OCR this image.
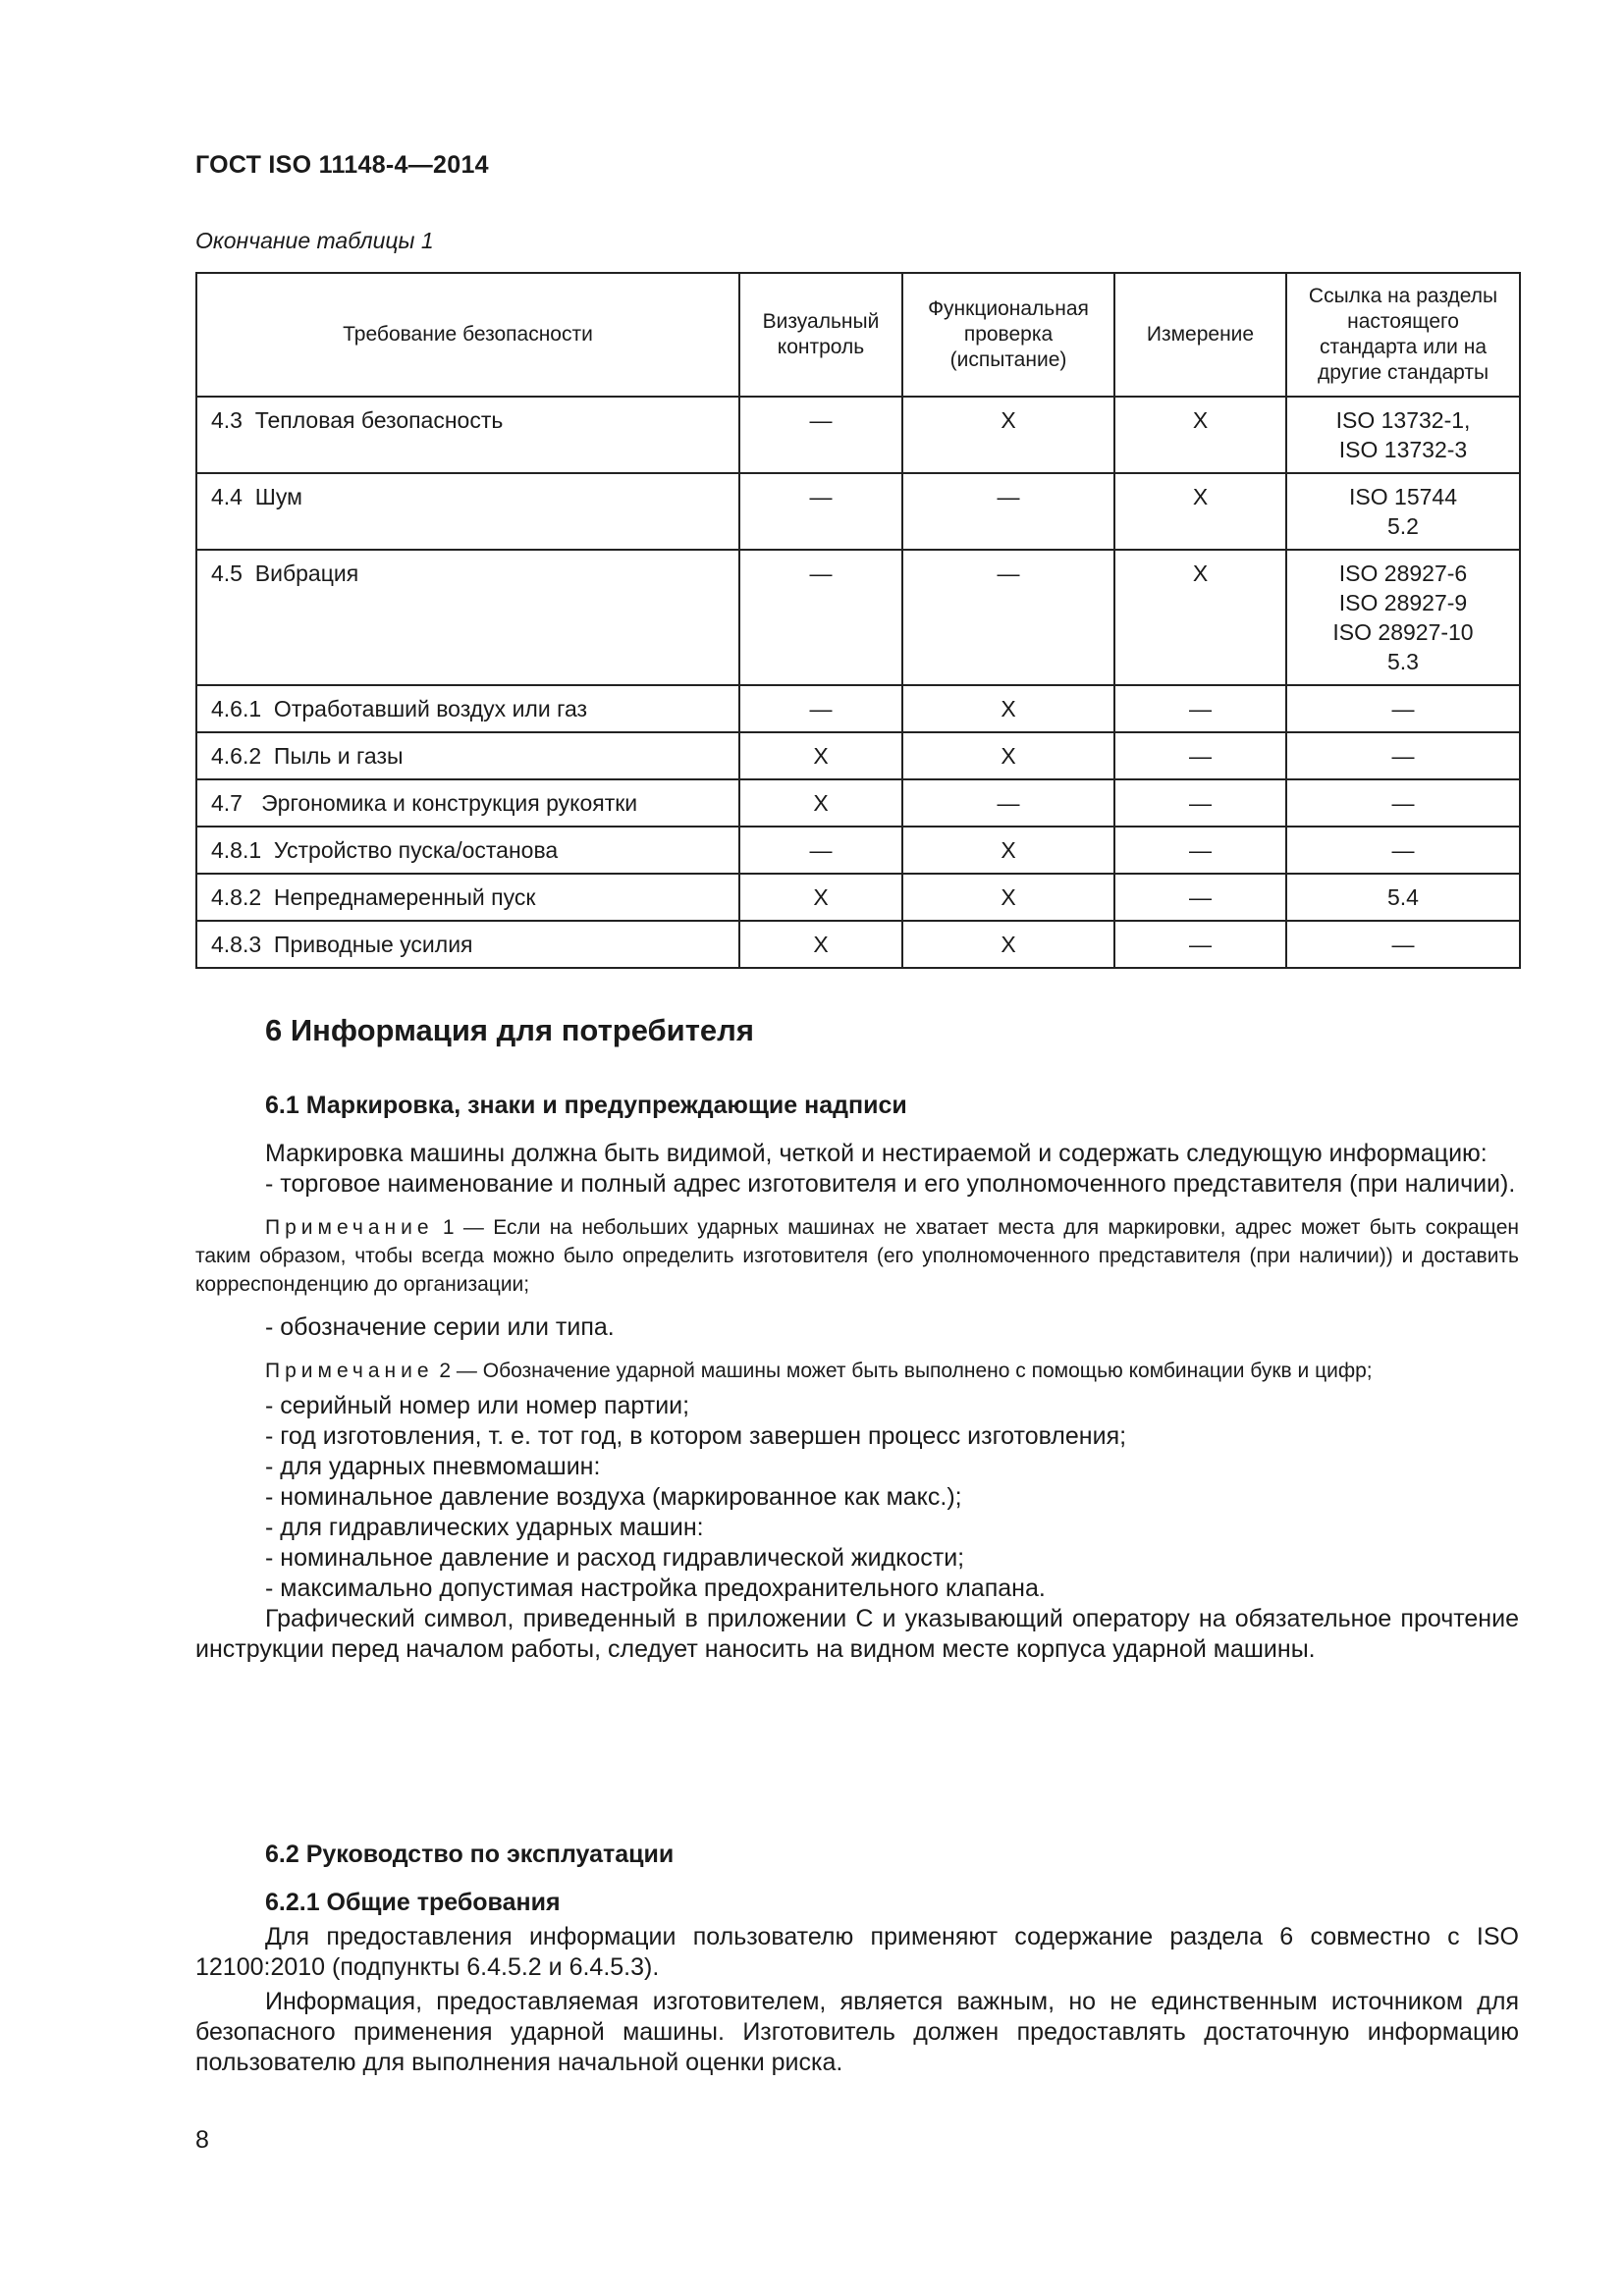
ГОСТ ISO 11148-4—2014
Окончание таблицы 1
Требование безопасности	Визуальный контроль	Функциональная проверка (испытание)	Измерение	Ссылка на разделы настоящего стандарта или на другие стандарты
4.3  Тепловая безопасность	—	X	X	ISO 13732-1,
ISO 13732-3
4.4  Шум	—	—	X	ISO 15744
5.2
4.5  Вибрация	—	—	X	ISO 28927-6
ISO 28927-9
ISO 28927-10
5.3
4.6.1  Отработавший воздух или газ	—	X	—	—
4.6.2  Пыль и газы	X	X	—	—
4.7   Эргономика и конструкция рукоятки	X	—	—	—
4.8.1  Устройство пуска/останова	—	X	—	—
4.8.2  Непреднамеренный пуск	X	X	—	5.4
4.8.3  Приводные усилия	X	X	—	—
6 Информация для потребителя
6.1 Маркировка, знаки и предупреждающие надписи

Маркировка машины должна быть видимой, четкой и нестираемой и содержать следующую информацию:

- торговое наименование и полный адрес изготовителя и его уполномоченного представителя (при наличии).

Примечание 1 — Если на небольших ударных машинах не хватает места для маркировки, адрес может быть сокращен таким образом, чтобы всегда можно было определить изготовителя (его уполномоченного представителя (при наличии)) и доставить корреспонденцию до организации;

- обозначение серии или типа.

Примечание 2 — Обозначение ударной машины может быть выполнено с помощью комбинации букв и цифр;

- серийный номер или номер партии;

- год изготовления, т. е. тот год, в котором завершен процесс изготовления;

- для ударных пневмомашин:

- номинальное давление воздуха (маркированное как макс.);

- для гидравлических ударных машин:

- номинальное давление и расход гидравлической жидкости;

- максимально допустимая настройка предохранительного клапана.

Графический символ, приведенный в приложении С и указывающий оператору на обязательное прочтение инструкции перед началом работы, следует наносить на видном месте корпуса ударной машины.

6.2 Руководство по эксплуатации
6.2.1 Общие требования

Для предоставления информации пользователю применяют содержание раздела 6 совместно с ISO 12100:2010 (подпункты 6.4.5.2 и 6.4.5.3).

Информация, предоставляемая изготовителем, является важным, но не единственным источником для безопасного применения ударной машины. Изготовитель должен предоставлять достаточную информацию пользователю для выполнения начальной оценки риска.

8
